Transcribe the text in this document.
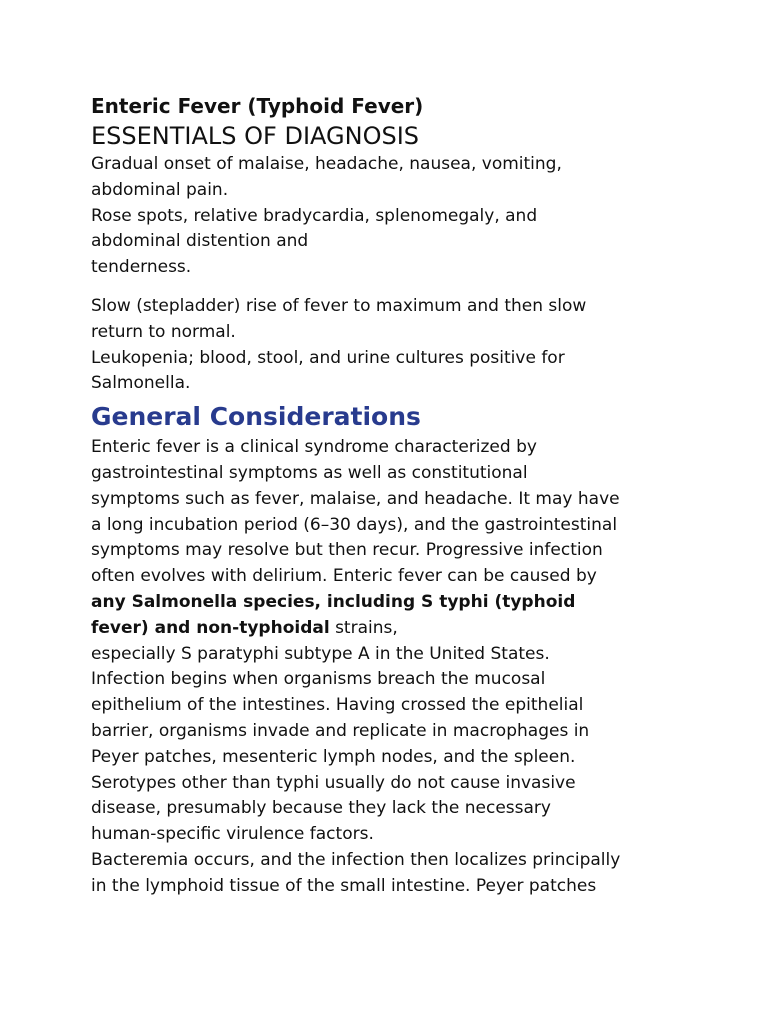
Enteric Fever (Typhoid Fever)
ESSENTIALS OF DIAGNOSIS
Gradual onset of malaise, headache, nausea, vomiting,
abdominal pain.
Rose spots, relative bradycardia, splenomegaly, and
abdominal distention and
tenderness.
Slow (stepladder) rise of fever to maximum and then slow
return to normal.
Leukopenia; blood, stool, and urine cultures positive for
Salmonella.
General Considerations
Enteric fever is a clinical syndrome characterized by
gastrointestinal symptoms as well as constitutional
symptoms such as fever, malaise, and headache. It may have
a long incubation period (6–30 days), and the gastrointestinal
symptoms may resolve but then recur. Progressive infection
often evolves with delirium. Enteric fever can be caused by
any Salmonella species, including S typhi (typhoid
fever) and non-typhoidal strains,
especially S paratyphi subtype A in the United States.
Infection begins when organisms breach the mucosal
epithelium of the intestines. Having crossed the epithelial
barrier, organisms invade and replicate in macrophages in
Peyer patches, mesenteric lymph nodes, and the spleen.
Serotypes other than typhi usually do not cause invasive
disease, presumably because they lack the necessary
human-specific virulence factors.
Bacteremia occurs, and the infection then localizes principally
in the lymphoid tissue of the small intestine. Peyer patches
